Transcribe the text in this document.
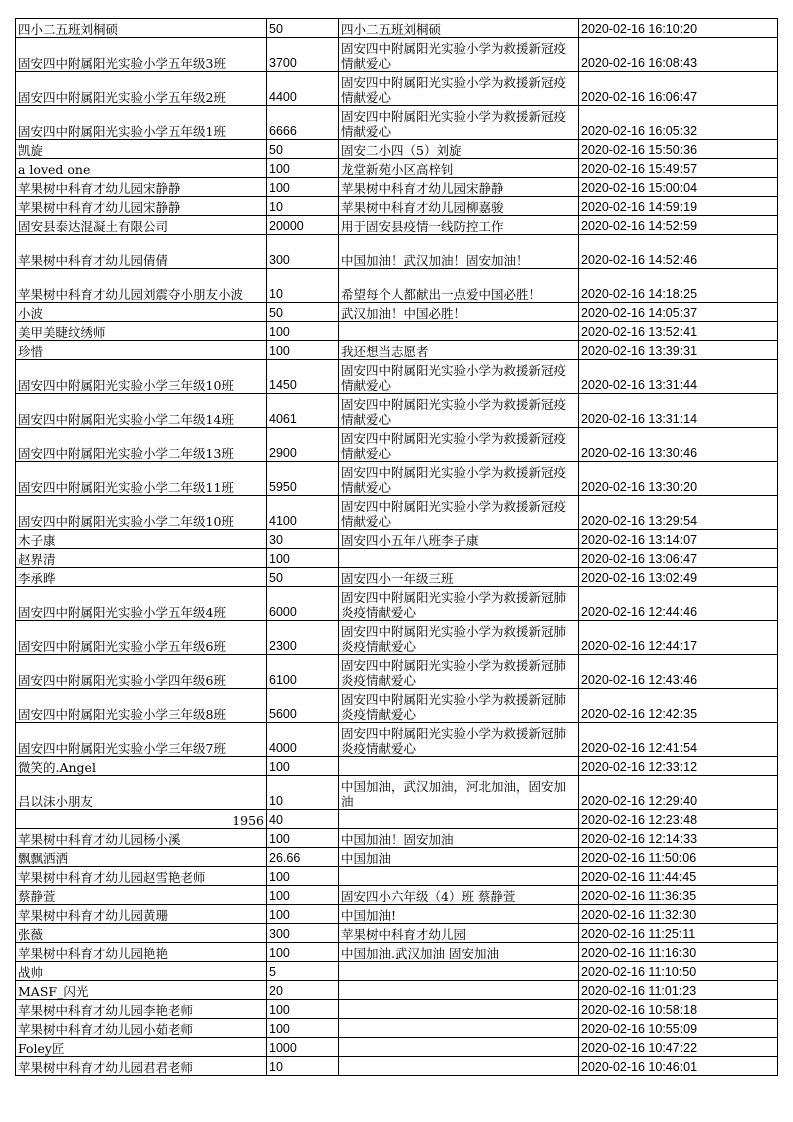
四小二五班刘桐硕	50	四小二五班刘桐硕	2020-02-16 16:10:20
固安四中附属阳光实验小学五年级3班	3700	固安四中附属阳光实验小学为救援新冠疫情献爱心	2020-02-16 16:08:43
固安四中附属阳光实验小学五年级2班	4400	固安四中附属阳光实验小学为救援新冠疫情献爱心	2020-02-16 16:06:47
固安四中附属阳光实验小学五年级1班	6666	固安四中附属阳光实验小学为救援新冠疫情献爱心	2020-02-16 16:05:32
凯旋	50	固安二小四（5）刘旋	2020-02-16 15:50:36
a loved one	100	龙堂新苑小区高梓钊	2020-02-16 15:49:57
苹果树中科育才幼儿园宋静静	100	苹果树中科育才幼儿园宋静静	2020-02-16 15:00:04
苹果树中科育才幼儿园宋静静	10	苹果树中科育才幼儿园柳嘉骏	2020-02-16 14:59:19
固安县泰达混凝土有限公司	20000	用于固安县疫情一线防控工作	2020-02-16 14:52:59
苹果树中科育才幼儿园倩倩	300	中国加油！武汉加油！固安加油！	2020-02-16 14:52:46
苹果树中科育才幼儿园刘震夺小朋友小波	10	希望每个人都献出一点爱中国必胜！	2020-02-16 14:18:25
小波	50	武汉加油！中国必胜！	2020-02-16 14:05:37
美甲美睫纹绣师	100		2020-02-16 13:52:41
珍惜	100	我还想当志愿者	2020-02-16 13:39:31
固安四中附属阳光实验小学三年级10班	1450	固安四中附属阳光实验小学为救援新冠疫情献爱心	2020-02-16 13:31:44
固安四中附属阳光实验小学二年级14班	4061	固安四中附属阳光实验小学为救援新冠疫情献爱心	2020-02-16 13:31:14
固安四中附属阳光实验小学二年级13班	2900	固安四中附属阳光实验小学为救援新冠疫情献爱心	2020-02-16 13:30:46
固安四中附属阳光实验小学二年级11班	5950	固安四中附属阳光实验小学为救援新冠疫情献爱心	2020-02-16 13:30:20
固安四中附属阳光实验小学二年级10班	4100	固安四中附属阳光实验小学为救援新冠疫情献爱心	2020-02-16 13:29:54
木子康	30	固安四小五年八班李子康	2020-02-16 13:14:07
赵界清	100		2020-02-16 13:06:47
李承晔	50	固安四小一年级三班	2020-02-16 13:02:49
固安四中附属阳光实验小学五年级4班	6000	固安四中附属阳光实验小学为救援新冠肺炎疫情献爱心	2020-02-16 12:44:46
固安四中附属阳光实验小学五年级6班	2300	固安四中附属阳光实验小学为救援新冠肺炎疫情献爱心	2020-02-16 12:44:17
固安四中附属阳光实验小学四年级6班	6100	固安四中附属阳光实验小学为救援新冠肺炎疫情献爱心	2020-02-16 12:43:46
固安四中附属阳光实验小学三年级8班	5600	固安四中附属阳光实验小学为救援新冠肺炎疫情献爱心	2020-02-16 12:42:35
固安四中附属阳光实验小学三年级7班	4000	固安四中附属阳光实验小学为救援新冠肺炎疫情献爱心	2020-02-16 12:41:54
微笑的.Angel	100		2020-02-16 12:33:12
吕以沫小朋友	10	中国加油，武汉加油，河北加油，固安加油	2020-02-16 12:29:40
1956	40		2020-02-16 12:23:48
苹果树中科育才幼儿园杨小溪	100	中国加油！固安加油	2020-02-16 12:14:33
飘飘洒洒	26.66	中国加油	2020-02-16 11:50:06
苹果树中科育才幼儿园赵雪艳老师	100		2020-02-16 11:44:45
蔡静萱	100	固安四小六年级（4）班 蔡静萱	2020-02-16 11:36:35
苹果树中科育才幼儿园黄珊	100	中国加油!	2020-02-16 11:32:30
张薇	300	苹果树中科育才幼儿园	2020-02-16 11:25:11
苹果树中科育才幼儿园艳艳	100	中国加油.武汉加油 固安加油	2020-02-16 11:16:30
战帅	5		2020-02-16 11:10:50
MASF_闪光	20		2020-02-16 11:01:23
苹果树中科育才幼儿园李艳老师	100		2020-02-16 10:58:18
苹果树中科育才幼儿园小茹老师	100		2020-02-16 10:55:09
Foley匠	1000		2020-02-16 10:47:22
苹果树中科育才幼儿园君君老师	10		2020-02-16 10:46:01
